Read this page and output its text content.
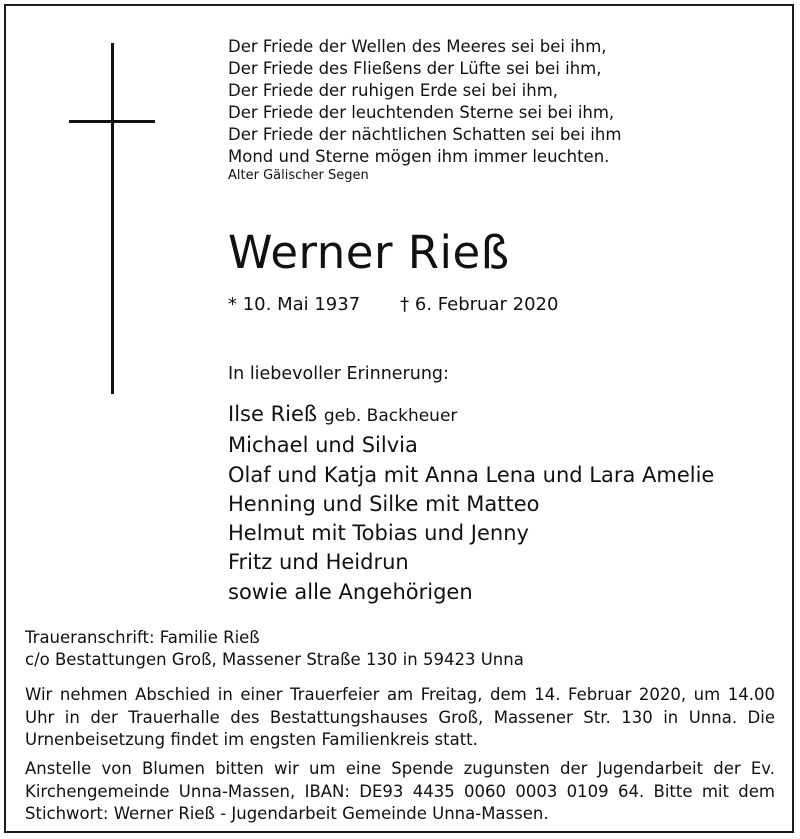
Der Friede der Wellen des Meeres sei bei ihm,
Der Friede des Fließens der Lüfte sei bei ihm,
Der Friede der ruhigen Erde sei bei ihm,
Der Friede der leuchtenden Sterne sei bei ihm,
Der Friede der nächtlichen Schatten sei bei ihm
Mond und Sterne mögen ihm immer leuchten.
Alter Gälischer Segen
Werner Rieß
* 10. Mai 1937 † 6. Februar 2020
In liebevoller Erinnerung:
Ilse Rieß geb. Backheuer
Michael und Silvia
Olaf und Katja mit Anna Lena und Lara Amelie
Henning und Silke mit Matteo
Helmut mit Tobias und Jenny
Fritz und Heidrun
sowie alle Angehörigen
Traueranschrift: Familie Rieß
c/o Bestattungen Groß, Massener Straße 130 in 59423 Unna
Wir nehmen Abschied in einer Trauerfeier am Freitag, dem 14. Februar 2020, um 14.00 Uhr in der Trauerhalle des Bestattungshauses Groß, Massener Str. 130 in Unna. Die Urnenbeisetzung findet im engsten Familienkreis statt.
Anstelle von Blumen bitten wir um eine Spende zugunsten der Jugendarbeit der Ev. Kirchengemeinde Unna-Massen, IBAN: DE93 4435 0060 0003 0109 64. Bitte mit dem Stichwort: Werner Rieß - Jugendarbeit Gemeinde Unna-Massen.
